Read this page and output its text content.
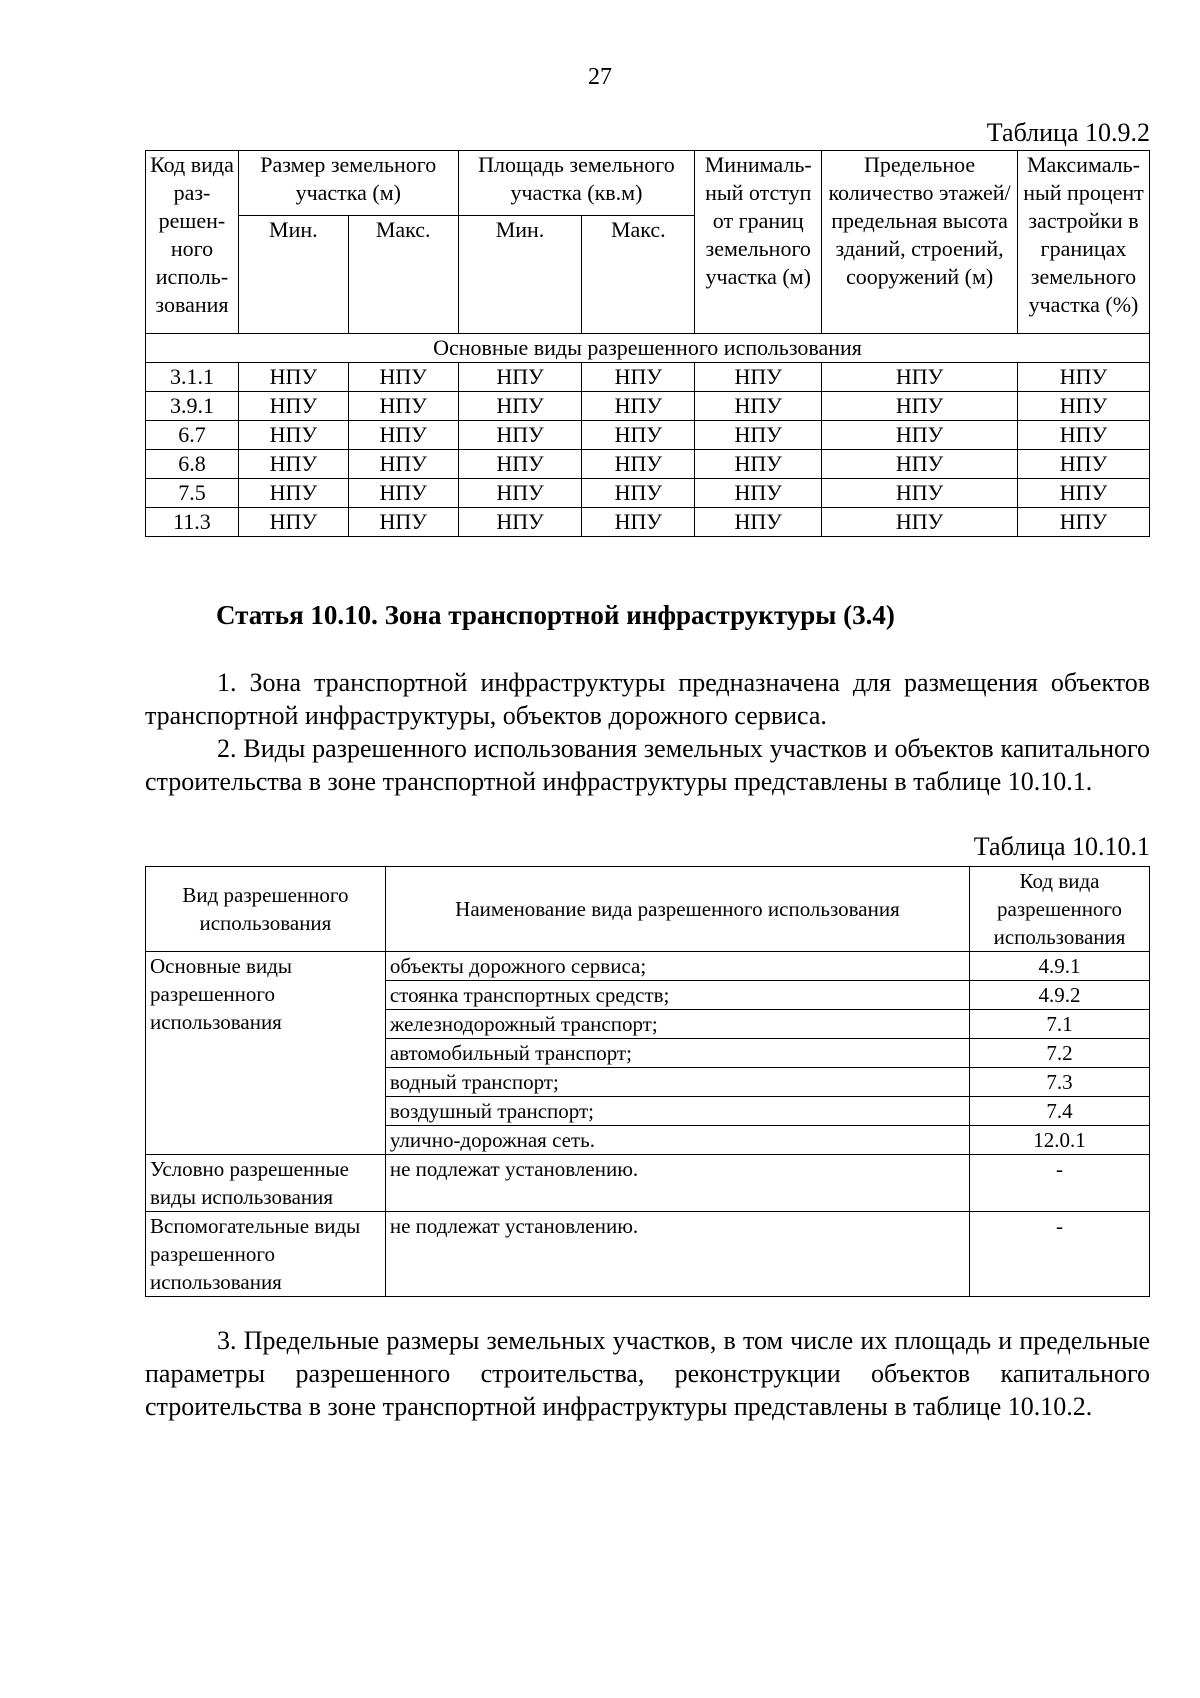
27
Таблица 10.9.2
Код вида раз-решен-ного исполь-зования	Размер земельного участка (м)		Площадь земельного участка (кв.м)		Минималь-ный отступ от границ земельного участка (м)	Предельное количество этажей/ предельная высота зданий, строений, сооружений (м)	Максималь-ный процент застройки в границах земельного участка (%)
	Мин.	Макс.	Мин.	Макс.			
Основные виды разрешенного использования							
3.1.1	НПУ	НПУ	НПУ	НПУ	НПУ	НПУ	НПУ
3.9.1	НПУ	НПУ	НПУ	НПУ	НПУ	НПУ	НПУ
6.7	НПУ	НПУ	НПУ	НПУ	НПУ	НПУ	НПУ
6.8	НПУ	НПУ	НПУ	НПУ	НПУ	НПУ	НПУ
7.5	НПУ	НПУ	НПУ	НПУ	НПУ	НПУ	НПУ
11.3	НПУ	НПУ	НПУ	НПУ	НПУ	НПУ	НПУ
Статья 10.10. Зона транспортной инфраструктуры (3.4)

1. Зона транспортной инфраструктуры предназначена для размещения объектов транспортной инфраструктуры, объектов дорожного сервиса.

2. Виды разрешенного использования земельных участков и объектов капитального строительства в зоне транспортной инфраструктуры представлены в таблице 10.10.1.

Таблица 10.10.1
Вид разрешенного использования	Наименование вида разрешенного использования	Код вида разрешенного использования
Основные виды разрешенного использования	объекты дорожного сервиса;	4.9.1
	стоянка транспортных средств;	4.9.2
	железнодорожный транспорт;	7.1
	автомобильный транспорт;	7.2
	водный транспорт;	7.3
	воздушный транспорт;	7.4
	улично-дорожная сеть.	12.0.1
Условно разрешенные виды использования	не подлежат установлению.	-
Вспомогательные виды разрешенного использования	не подлежат установлению.	-

3. Предельные размеры земельных участков, в том числе их площадь и предельные параметры разрешенного строительства, реконструкции объектов капитального строительства в зоне транспортной инфраструктуры представлены в таблице 10.10.2.
